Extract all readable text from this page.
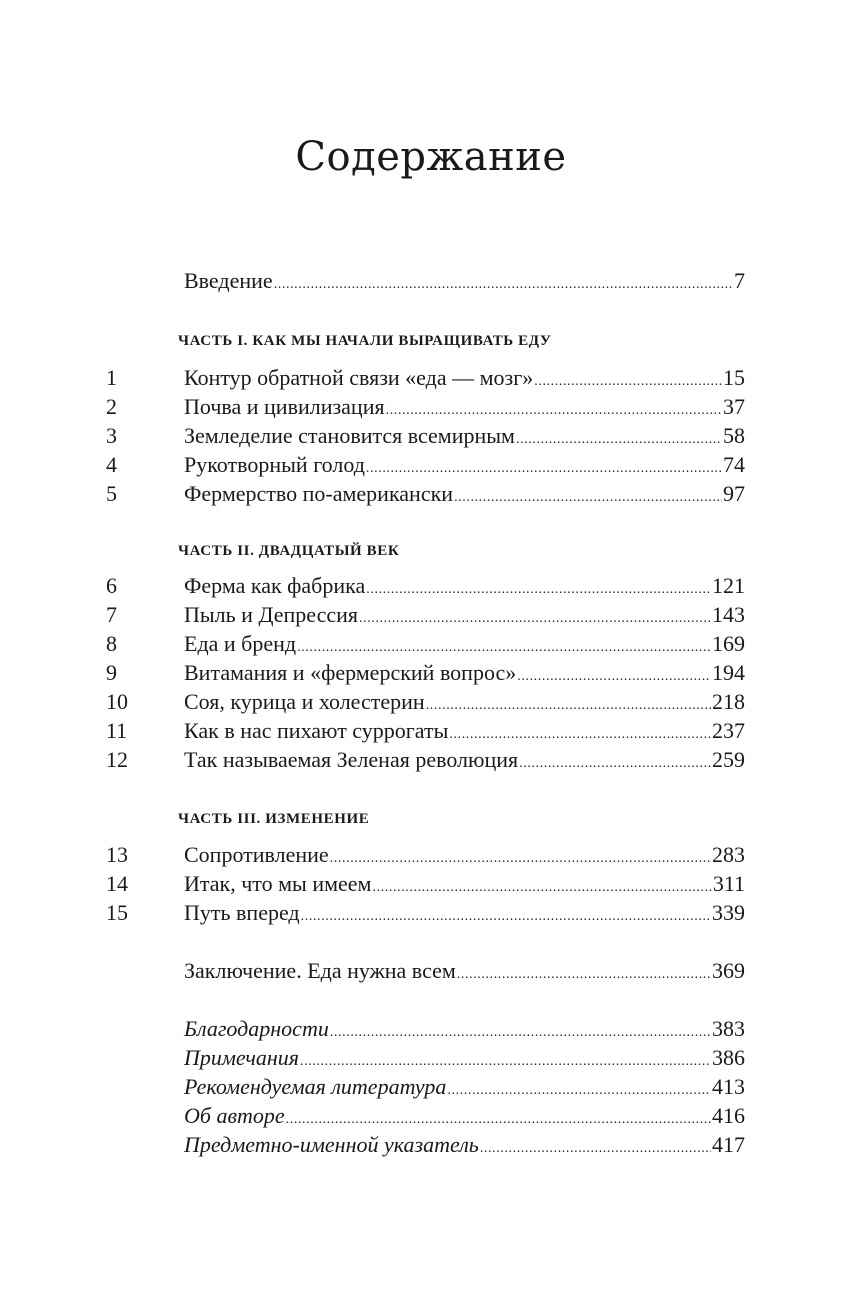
Содержание
Введение .....	7
ЧАСТЬ I. КАК МЫ НАЧАЛИ ВЫРАЩИВАТЬ ЕДУ
1	Контур обратной связи «еда — мозг» .....	15
2	Почва и цивилизация .....	37
3	Земледелие становится всемирным .....	58
4	Рукотворный голод .....	74
5	Фермерство по-американски .....	97
ЧАСТЬ II. ДВАДЦАТЫЙ ВЕК
6	Ферма как фабрика .....	121
7	Пыль и Депрессия .....	143
8	Еда и бренд .....	169
9	Витамания и «фермерский вопрос» .....	194
10	Соя, курица и холестерин .....	218
11	Как в нас пихают суррогаты .....	237
12	Так называемая Зеленая революция .....	259
ЧАСТЬ III. ИЗМЕНЕНИЕ
13	Сопротивление .....	283
14	Итак, что мы имеем .....	311
15	Путь вперед .....	339
Заключение. Еда нужна всем .....	369
Благодарности .....	383
Примечания .....	386
Рекомендуемая литература .....	413
Об авторе .....	416
Предметно-именной указатель .....	417
